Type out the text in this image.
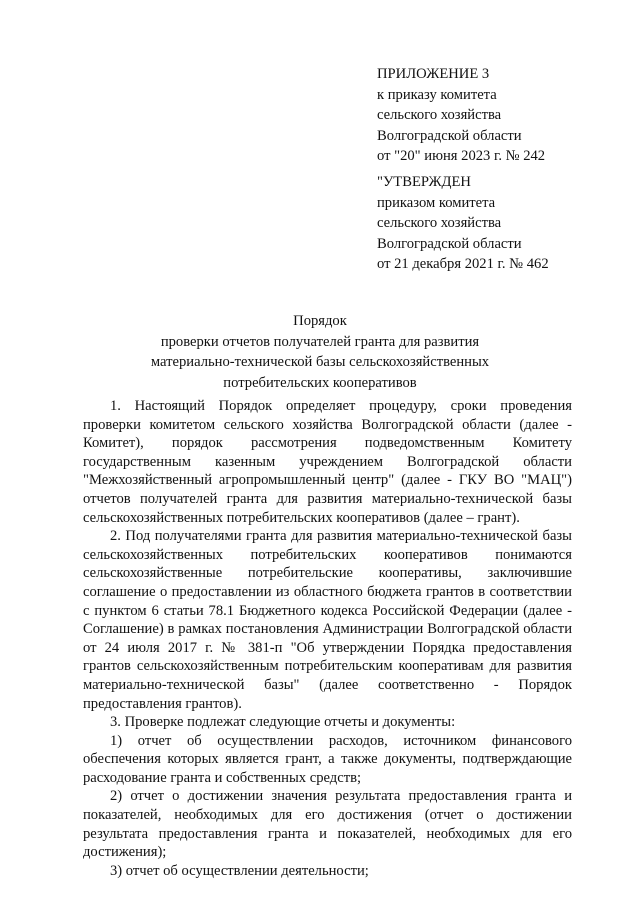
ПРИЛОЖЕНИЕ 3
к приказу комитета
сельского хозяйства
Волгоградской области
от "20" июня 2023 г. № 242
"УТВЕРЖДЕН
приказом комитета
сельского хозяйства
Волгоградской области
от 21 декабря 2021 г. № 462
Порядок
проверки отчетов получателей гранта для развития
материально-технической базы сельскохозяйственных
потребительских кооперативов

1. Настоящий Порядок определяет процедуру, сроки проведения проверки комитетом сельского хозяйства Волгоградской области (далее - Комитет), порядок рассмотрения подведомственным Комитету государственным казенным учреждением Волгоградской области "Межхозяйственный агропромышленный центр" (далее - ГКУ ВО "МАЦ") отчетов получателей гранта для развития материально-технической базы сельскохозяйственных потребительских кооперативов (далее – грант).

2. Под получателями гранта для развития материально-технической базы сельскохозяйственных потребительских кооперативов понимаются сельскохозяйственные потребительские кооперативы, заключившие соглашение о предоставлении из областного бюджета грантов в соответствии с пунктом 6 статьи 78.1 Бюджетного кодекса Российской Федерации (далее - Соглашение) в рамках постановления Администрации Волгоградской области от 24 июля 2017 г. № 381-п "Об утверждении Порядка предоставления грантов сельскохозяйственным потребительским кооперативам для развития материально-технической базы" (далее соответственно - Порядок предоставления грантов).

3. Проверке подлежат следующие отчеты и документы:

1) отчет об осуществлении расходов, источником финансового обеспечения которых является грант, а также документы, подтверждающие расходование гранта и собственных средств;

2) отчет о достижении значения результата предоставления гранта и показателей, необходимых для его достижения (отчет о достижении результата предоставления гранта и показателей, необходимых для его достижения);

3) отчет об осуществлении деятельности;
